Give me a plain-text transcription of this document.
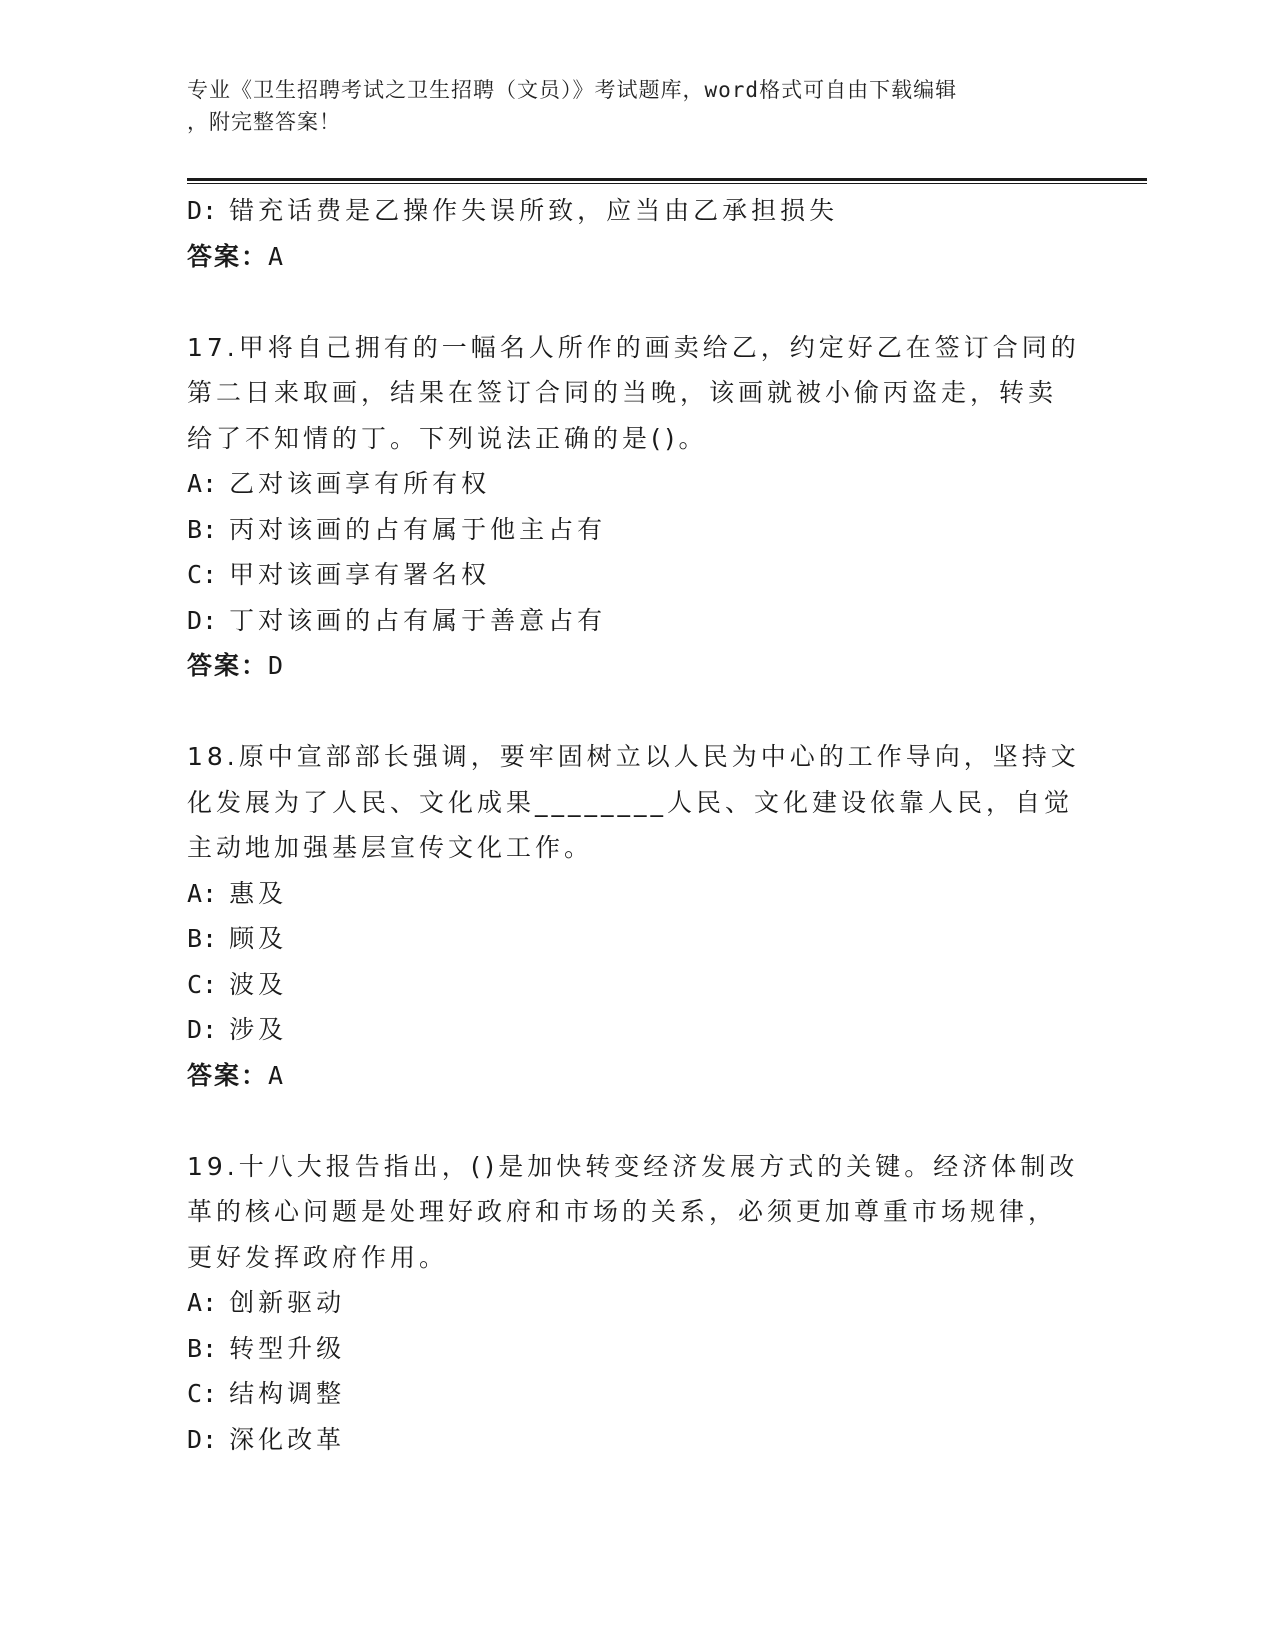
专业《卫生招聘考试之卫生招聘（文员）》考试题库，word格式可自由下载编辑
，附完整答案！
D: 错充话费是乙操作失误所致，应当由乙承担损失
答案：A
17.甲将自己拥有的一幅名人所作的画卖给乙，约定好乙在签订合同的
第二日来取画，结果在签订合同的当晚，该画就被小偷丙盗走，转卖
给了不知情的丁。下列说法正确的是()。
A: 乙对该画享有所有权
B: 丙对该画的占有属于他主占有
C: 甲对该画享有署名权
D: 丁对该画的占有属于善意占有
答案：D
18.原中宣部部长强调，要牢固树立以人民为中心的工作导向，坚持文
化发展为了人民、文化成果________人民、文化建设依靠人民，自觉
主动地加强基层宣传文化工作。
A: 惠及
B: 顾及
C: 波及
D: 涉及
答案：A
19.十八大报告指出，()是加快转变经济发展方式的关键。经济体制改
革的核心问题是处理好政府和市场的关系，必须更加尊重市场规律，
更好发挥政府作用。
A: 创新驱动
B: 转型升级
C: 结构调整
D: 深化改革
